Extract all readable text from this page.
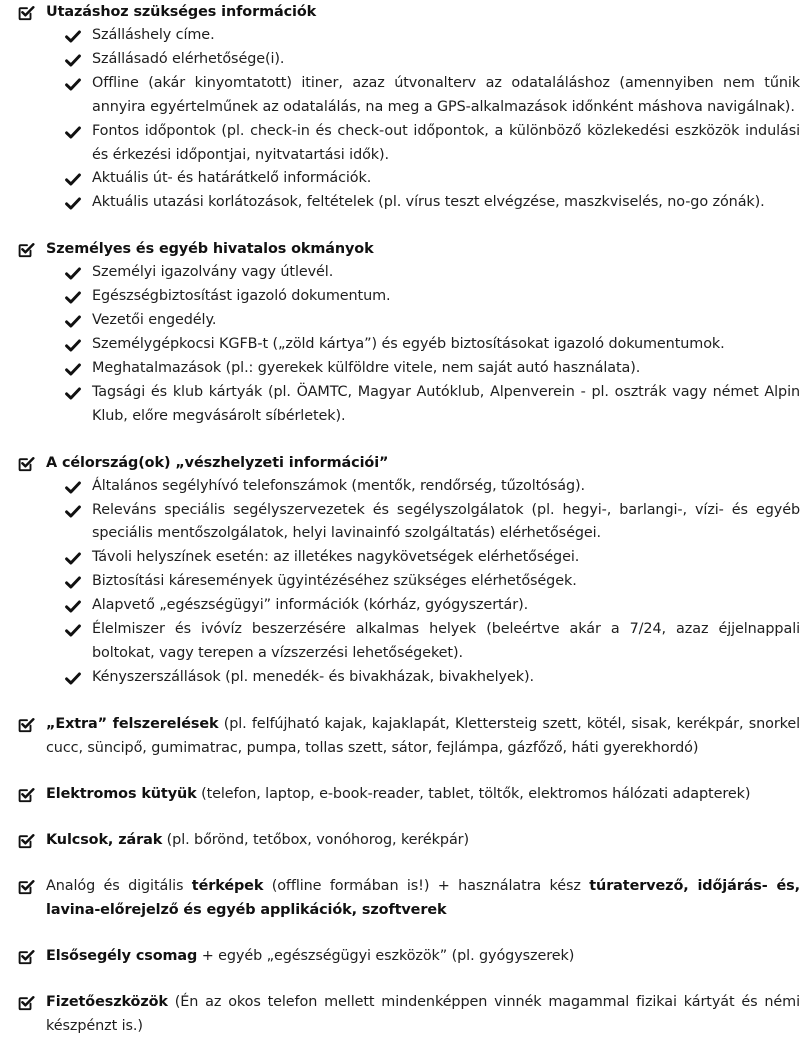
Utazáshoz szükséges információk
Szálláshely címe.
Szállásadó elérhetősége(i).
Offline (akár kinyomtatott) itiner, azaz útvonalterv az odataláláshoz (amennyiben nem tűnik annyira egyértelműnek az odatalálás, na meg a GPS-alkalmazások időnként máshova navigálnak).
Fontos időpontok (pl. check-in és check-out időpontok, a különböző közlekedési eszközök indulási és érkezési időpontjai, nyitvatartási idők).
Aktuális út- és határátkelő információk.
Aktuális utazási korlátozások, feltételek (pl. vírus teszt elvégzése, maszkviselés, no-go zónák).
Személyes és egyéb hivatalos okmányok
Személyi igazolvány vagy útlevél.
Egészségbiztosítást igazoló dokumentum.
Vezetői engedély.
Személygépkocsi KGFB-t („zöld kártya”) és egyéb biztosításokat igazoló dokumentumok.
Meghatalmazások (pl.: gyerekek külföldre vitele, nem saját autó használata).
Tagsági és klub kártyák (pl. ÖAMTC, Magyar Autóklub, Alpenverein - pl. osztrák vagy német Alpin Klub, előre megvásárolt síbérletek).
A célország(ok) „vészhelyzeti információi”
Általános segélyhívó telefonszámok (mentők, rendőrség, tűzoltóság).
Releváns speciális segélyszervezetek és segélyszolgálatok (pl. hegyi-, barlangi-, vízi- és egyéb speciális mentőszolgálatok, helyi lavinainfó szolgáltatás) elérhetőségei.
Távoli helyszínek esetén: az illetékes nagykövetségek elérhetőségei.
Biztosítási káresemények ügyintézéséhez szükséges elérhetőségek.
Alapvető „egészségügyi” információk (kórház, gyógyszertár).
Élelmiszer és ivóvíz beszerzésére alkalmas helyek (beleértve akár a 7/24, azaz éjjelnappali boltokat, vagy terepen a vízszerzési lehetőségeket).
Kényszerszállások (pl. menedék- és bivakházak, bivakhelyek).
„Extra” felszerelések (pl. felfújható kajak, kajaklapát, Klettersteig szett, kötél, sisak, kerékpár, snorkel cucc, süncipő, gumimatrac, pumpa, tollas szett, sátor, fejlámpa, gázfőző, háti gyerekhordó)
Elektromos kütyük (telefon, laptop, e-book-reader, tablet, töltők, elektromos hálózati adapterek)
Kulcsok, zárak (pl. bőrönd, tetőbox, vonóhorog, kerékpár)
Analóg és digitális térképek (offline formában is!) + használatra kész túratervező, időjárás- és, lavina-előrejelző és egyéb applikációk, szoftverek
Elsősegély csomag + egyéb „egészségügyi eszközök” (pl. gyógyszerek)
Fizetőeszközök (Én az okos telefon mellett mindenképpen vinnék magammal fizikai kártyát és némi készpénzt is.)
